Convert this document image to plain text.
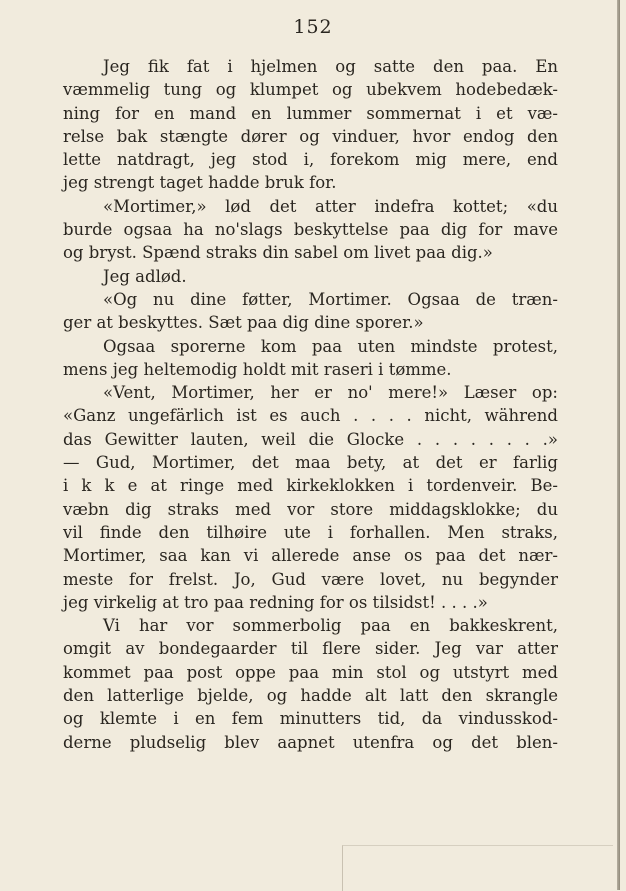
152
Jeg fik fat i hjelmen og satte den paa. En
væmmelig tung og klumpet og ubekvem hodebedæk-
ning for en mand en lummer sommernat i et væ-
relse bak stængte dører og vinduer, hvor endog den
lette natdragt, jeg stod i, forekom mig mere, end
jeg strengt taget hadde bruk for.
«Mortimer,» lød det atter indefra kottet; «du
burde ogsaa ha no'slags beskyttelse paa dig for mave
og bryst. Spænd straks din sabel om livet paa dig.»
Jeg adlød.
«Og nu dine føtter, Mortimer. Ogsaa de træn-
ger at beskyttes. Sæt paa dig dine sporer.»
Ogsaa sporerne kom paa uten mindste protest,
mens jeg heltemodig holdt mit raseri i tømme.
«Vent, Mortimer, her er no' mere!» Læser op:
«Ganz ungefärlich ist es auch . . . . nicht, während
das Gewitter lauten, weil die Glocke . . . . . . . .»
— Gud, Mortimer, det maa bety, at det er farlig
i k k e at ringe med kirkeklokken i tordenveir. Be-
væbn dig straks med vor store middagsklokke; du
vil finde den tilhøire ute i forhallen. Men straks,
Mortimer, saa kan vi allerede anse os paa det nær-
meste for frelst. Jo, Gud være lovet, nu begynder
jeg virkelig at tro paa redning for os tilsidst! . . . .»
Vi har vor sommerbolig paa en bakkeskrent,
omgit av bondegaarder til flere sider. Jeg var atter
kommet paa post oppe paa min stol og utstyrt med
den latterlige bjelde, og hadde alt latt den skrangle
og klemte i en fem minutters tid, da vindusskod-
derne pludselig blev aapnet utenfra og det blen-
